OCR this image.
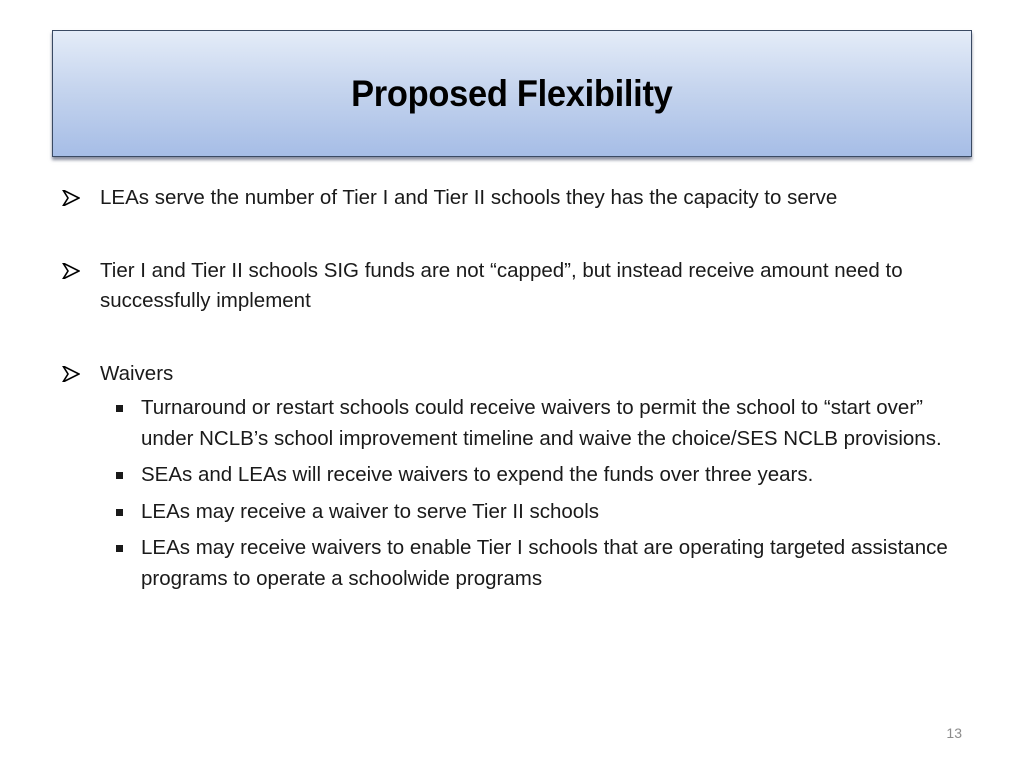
Proposed Flexibility
LEAs serve the number of Tier I and Tier II schools they has the capacity to serve
Tier I and Tier II schools SIG funds are not “capped”, but instead receive amount need to successfully implement
Waivers
Turnaround or restart schools could receive waivers to permit the school to “start over” under NCLB’s school improvement timeline and waive the choice/SES NCLB provisions.
SEAs and LEAs will receive waivers to expend the funds over three years.
LEAs may receive a waiver to serve Tier II schools
LEAs may receive waivers to enable Tier I schools that are operating targeted assistance programs to operate a schoolwide programs
13
